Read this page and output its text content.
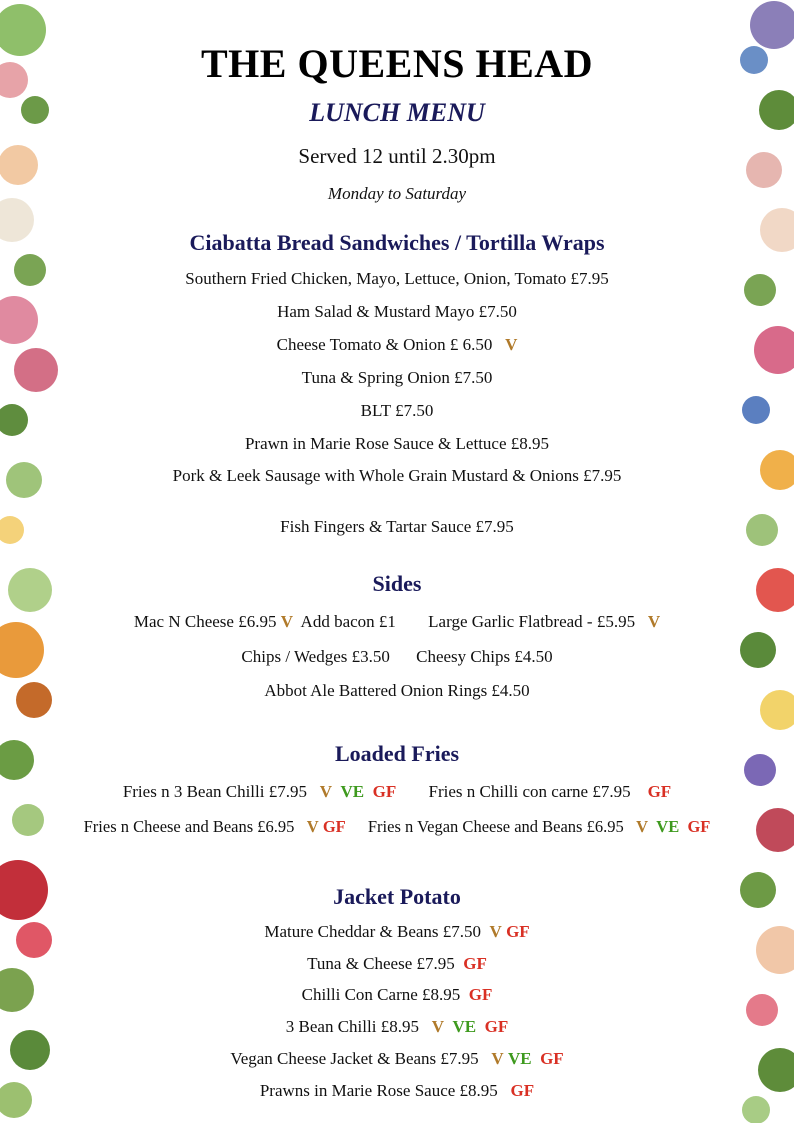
THE QUEENS HEAD
LUNCH MENU
Served 12 until 2.30pm
Monday to Saturday
Ciabatta Bread Sandwiches / Tortilla Wraps
Southern Fried Chicken, Mayo, Lettuce, Onion, Tomato £7.95
Ham Salad & Mustard Mayo £7.50
Cheese Tomato & Onion £ 6.50 V
Tuna & Spring Onion £7.50
BLT £7.50
Prawn in Marie Rose Sauce & Lettuce £8.95
Pork & Leek Sausage with Whole Grain Mustard & Onions £7.95
Fish Fingers & Tartar Sauce £7.95
Sides
Mac N Cheese £6.95 V Add bacon £1 Large Garlic Flatbread - £5.95 V
Chips / Wedges £3.50 Cheesy Chips £4.50
Abbot Ale Battered Onion Rings £4.50
Loaded Fries
Fries n 3 Bean Chilli £7.95 V VE GF Fries n Chilli con carne £7.95 GF
Fries n Cheese and Beans £6.95 V GF Fries n Vegan Cheese and Beans £6.95 V VE GF
Jacket Potato
Mature Cheddar & Beans £7.50 V GF
Tuna & Cheese £7.95 GF
Chilli Con Carne £8.95 GF
3 Bean Chilli £8.95 V VE GF
Vegan Cheese Jacket & Beans £7.95 V VE GF
Prawns in Marie Rose Sauce £8.95 GF
